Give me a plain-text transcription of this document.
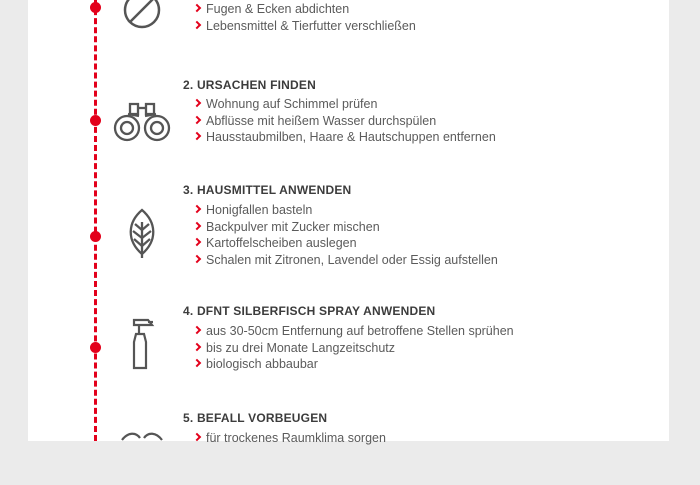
Fugen & Ecken abdichten
Lebensmittel & Tierfutter verschließen
2. URSACHEN FINDEN
Wohnung auf Schimmel prüfen
Abflüsse mit heißem Wasser durchspülen
Hausstaubmilben, Haare & Hautschuppen entfernen
3. HAUSMITTEL ANWENDEN
Honigfallen basteln
Backpulver mit Zucker mischen
Kartoffelscheiben auslegen
Schalen mit Zitronen, Lavendel oder Essig aufstellen
4. DFNT SILBERFISCH SPRAY ANWENDEN
aus 30-50cm Entfernung auf betroffene Stellen sprühen
bis zu drei Monate Langzeitschutz
biologisch abbaubar
5. BEFALL VORBEUGEN
für trockenes Raumklima sorgen
